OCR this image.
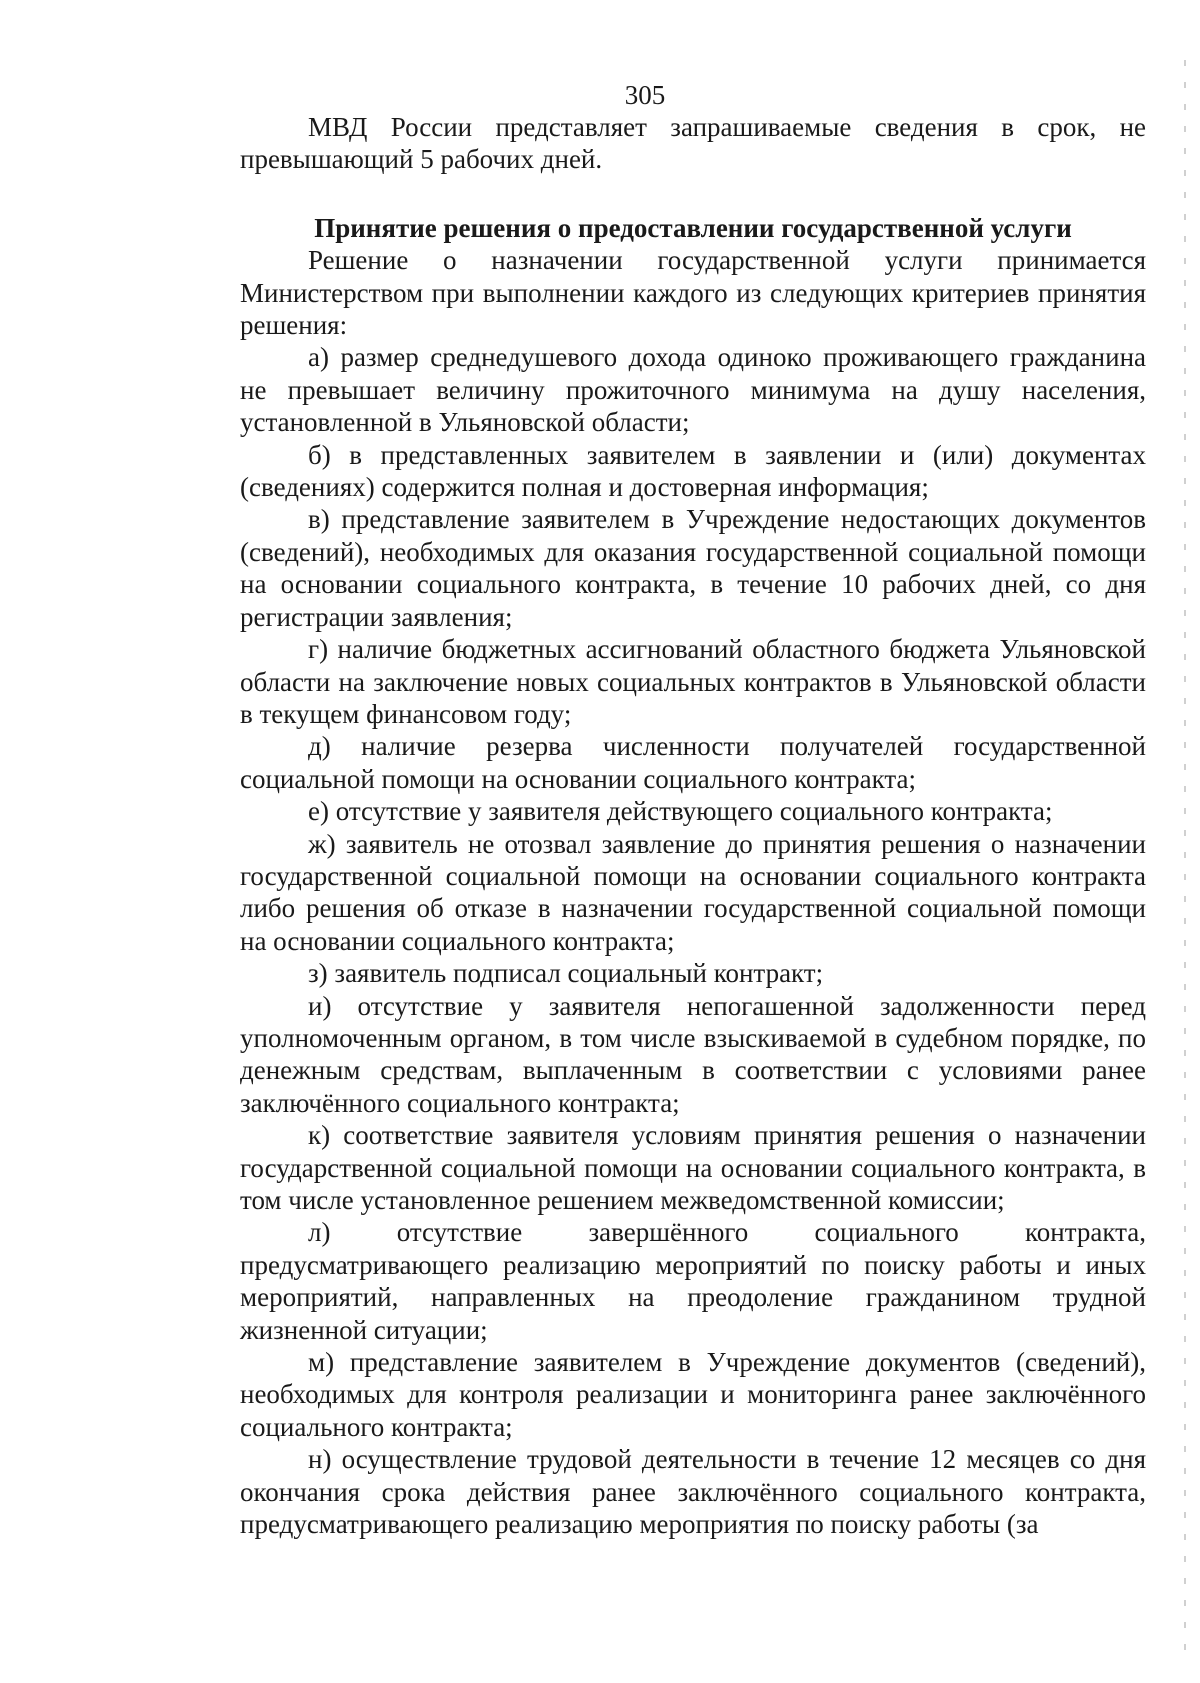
305

МВД России представляет запрашиваемые сведения в срок, не превышающий 5 рабочих дней.

Принятие решения о предоставлении государственной услуги

Решение о назначении государственной услуги принимается Министерством при выполнении каждого из следующих критериев принятия решения:

а) размер среднедушевого дохода одиноко проживающего гражданина не превышает величину прожиточного минимума на душу населения, установленной в Ульяновской области;

б) в представленных заявителем в заявлении и (или) документах (сведениях) содержится полная и достоверная информация;

в) представление заявителем в Учреждение недостающих документов (сведений), необходимых для оказания государственной социальной помощи на основании социального контракта, в течение 10 рабочих дней, со дня регистрации заявления;

г) наличие бюджетных ассигнований областного бюджета Ульяновской области на заключение новых социальных контрактов в Ульяновской области в текущем финансовом году;

д) наличие резерва численности получателей государственной социальной помощи на основании социального контракта;

е) отсутствие у заявителя действующего социального контракта;

ж) заявитель не отозвал заявление до принятия решения о назначении государственной социальной помощи на основании социального контракта либо решения об отказе в назначении государственной социальной помощи на основании социального контракта;

з) заявитель подписал социальный контракт;

и) отсутствие у заявителя непогашенной задолженности перед уполномоченным органом, в том числе взыскиваемой в судебном порядке, по денежным средствам, выплаченным в соответствии с условиями ранее заключённого социального контракта;

к) соответствие заявителя условиям принятия решения о назначении государственной социальной помощи на основании социального контракта, в том числе установленное решением межведомственной комиссии;

л) отсутствие завершённого социального контракта, предусматривающего реализацию мероприятий по поиску работы и иных мероприятий, направленных на преодоление гражданином трудной жизненной ситуации;

м) представление заявителем в Учреждение документов (сведений), необходимых для контроля реализации и мониторинга ранее заключённого социального контракта;

н) осуществление трудовой деятельности в течение 12 месяцев со дня окончания срока действия ранее заключённого социального контракта, предусматривающего реализацию мероприятия по поиску работы (за
